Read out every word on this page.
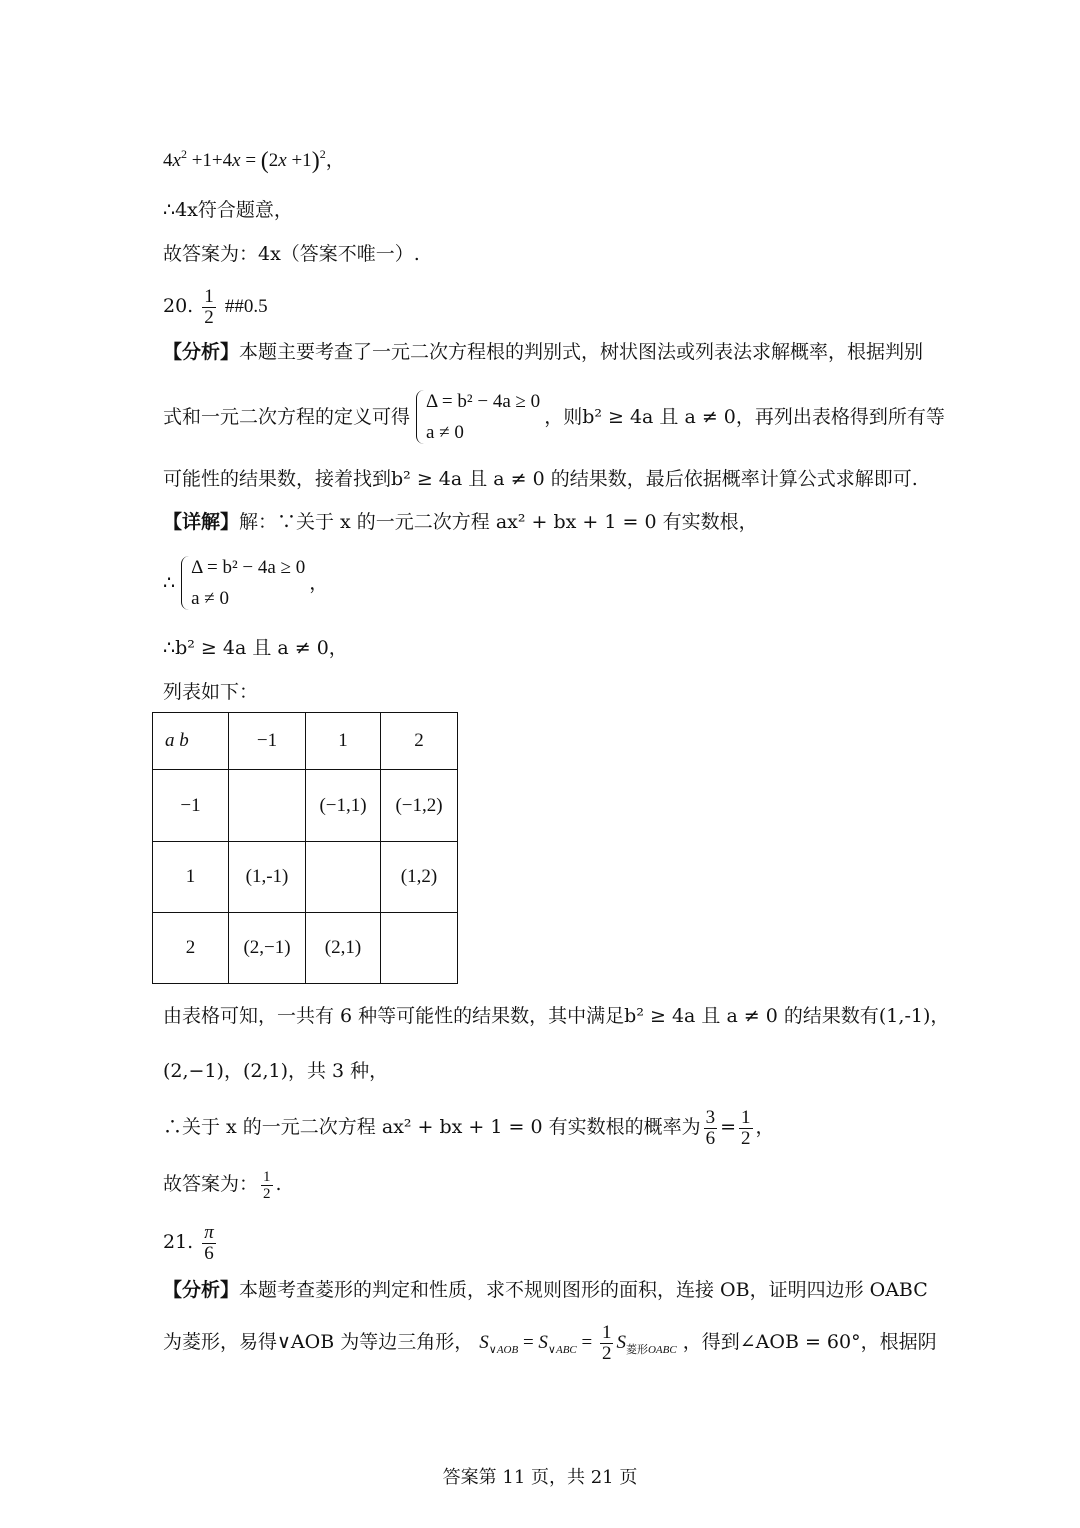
$4x^2 +1+4x = (2x +1)^2$，
∴4x符合题意，
故答案为：4x（答案不唯一）.
20. $\frac{1}{2}$ ##0.5
【分析】本题主要考查了一元二次方程根的判别式，树状图法或列表法求解概率，根据判别
式和一元二次方程的定义可得
Δ = b² − 4a ≥ 0
a ≠ 0
，则b² ≥ 4a 且 a ≠ 0，再列出表格得到所有等
可能性的结果数，接着找到b² ≥ 4a 且 a ≠ 0 的结果数，最后依据概率计算公式求解即可.
【详解】解：∵关于 x 的一元二次方程 ax² + bx + 1 = 0 有实数根，
∴
Δ = b² − 4a ≥ 0
a ≠ 0
，
∴b² ≥ 4a 且 a ≠ 0，
列表如下：
a b	−1	1	2
−1		(−1,1)	(−1,2)
1	(1,-1)		(1,2)
2	(2,−1)	(2,1)	
由表格可知，一共有 6 种等可能性的结果数，其中满足b² ≥ 4a 且 a ≠ 0 的结果数有(1,-1)，
(2,−1)，(2,1)，共 3 种，
∴关于 x 的一元二次方程 ax² + bx + 1 = 0 有实数根的概率为 $\frac{3}{6} = \frac{1}{2}$ ，
故答案为： $\frac{1}{2}$ .
21. $\frac{\pi}{6}$
【分析】本题考查菱形的判定和性质，求不规则图形的面积，连接 OB，证明四边形 OABC
为菱形，易得∨AOB 为等边三角形， $S_{\vee AOB} = S_{\vee ABC} = \frac{1}{2} S_{菱形OABC}$ ，得到∠AOB = 60°，根据阴
答案第 11 页，共 21 页
